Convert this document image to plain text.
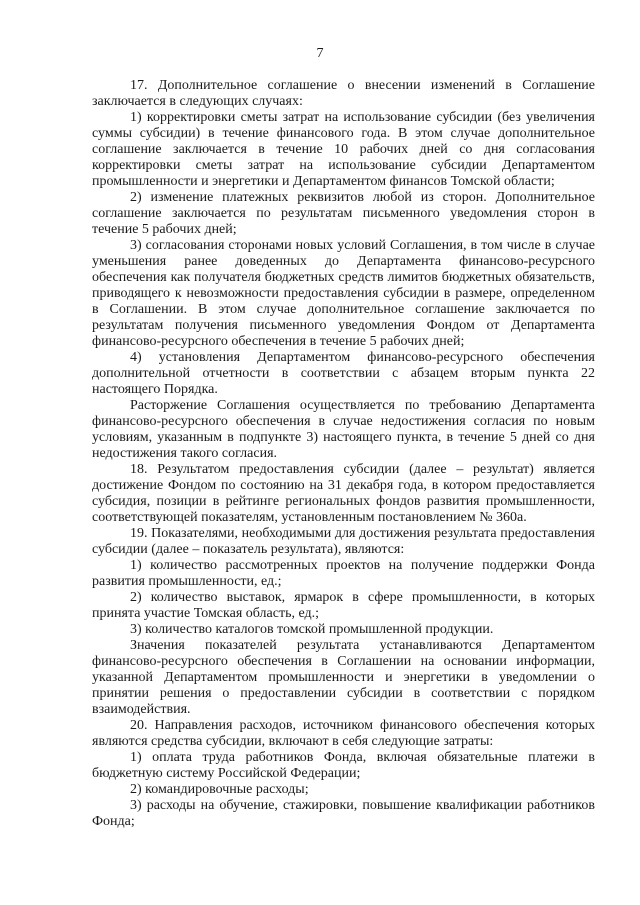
7

17. Дополнительное соглашение о внесении изменений в Соглашение заключается в следующих случаях:

1) корректировки сметы затрат на использование субсидии (без увеличения суммы субсидии) в течение финансового года. В этом случае дополнительное соглашение заключается в течение 10 рабочих дней со дня согласования корректировки сметы затрат на использование субсидии Департаментом промышленности и энергетики и Департаментом финансов Томской области;

2) изменение платежных реквизитов любой из сторон. Дополнительное соглашение заключается по результатам письменного уведомления сторон в течение 5 рабочих дней;

3) согласования сторонами новых условий Соглашения, в том числе в случае уменьшения ранее доведенных до Департамента финансово-ресурсного обеспечения как получателя бюджетных средств лимитов бюджетных обязательств, приводящего к невозможности предоставления субсидии в размере, определенном в Соглашении. В этом случае дополнительное соглашение заключается по результатам получения письменного уведомления Фондом от Департамента финансово-ресурсного обеспечения в течение 5 рабочих дней;

4) установления Департаментом финансово-ресурсного обеспечения дополнительной отчетности в соответствии с абзацем вторым пункта 22 настоящего Порядка.

Расторжение Соглашения осуществляется по требованию Департамента финансово-ресурсного обеспечения в случае недостижения согласия по новым условиям, указанным в подпункте 3) настоящего пункта, в течение 5 дней со дня недостижения такого согласия.

18. Результатом предоставления субсидии (далее – результат) является достижение Фондом по состоянию на 31 декабря года, в котором предоставляется субсидия, позиции в рейтинге региональных фондов развития промышленности, соответствующей показателям, установленным постановлением № 360а.

19. Показателями, необходимыми для достижения результата предоставления субсидии (далее – показатель результата), являются:

1) количество рассмотренных проектов на получение поддержки Фонда развития промышленности, ед.;

2) количество выставок, ярмарок в сфере промышленности, в которых принята участие Томская область, ед.;

3) количество каталогов томской промышленной продукции.

Значения показателей результата устанавливаются Департаментом финансово-ресурсного обеспечения в Соглашении на основании информации, указанной Департаментом промышленности и энергетики в уведомлении о принятии решения о предоставлении субсидии в соответствии с порядком взаимодействия.

20. Направления расходов, источником финансового обеспечения которых являются средства субсидии, включают в себя следующие затраты:

1) оплата труда работников Фонда, включая обязательные платежи в бюджетную систему Российской Федерации;

2) командировочные расходы;

3) расходы на обучение, стажировки, повышение квалификации работников Фонда;
